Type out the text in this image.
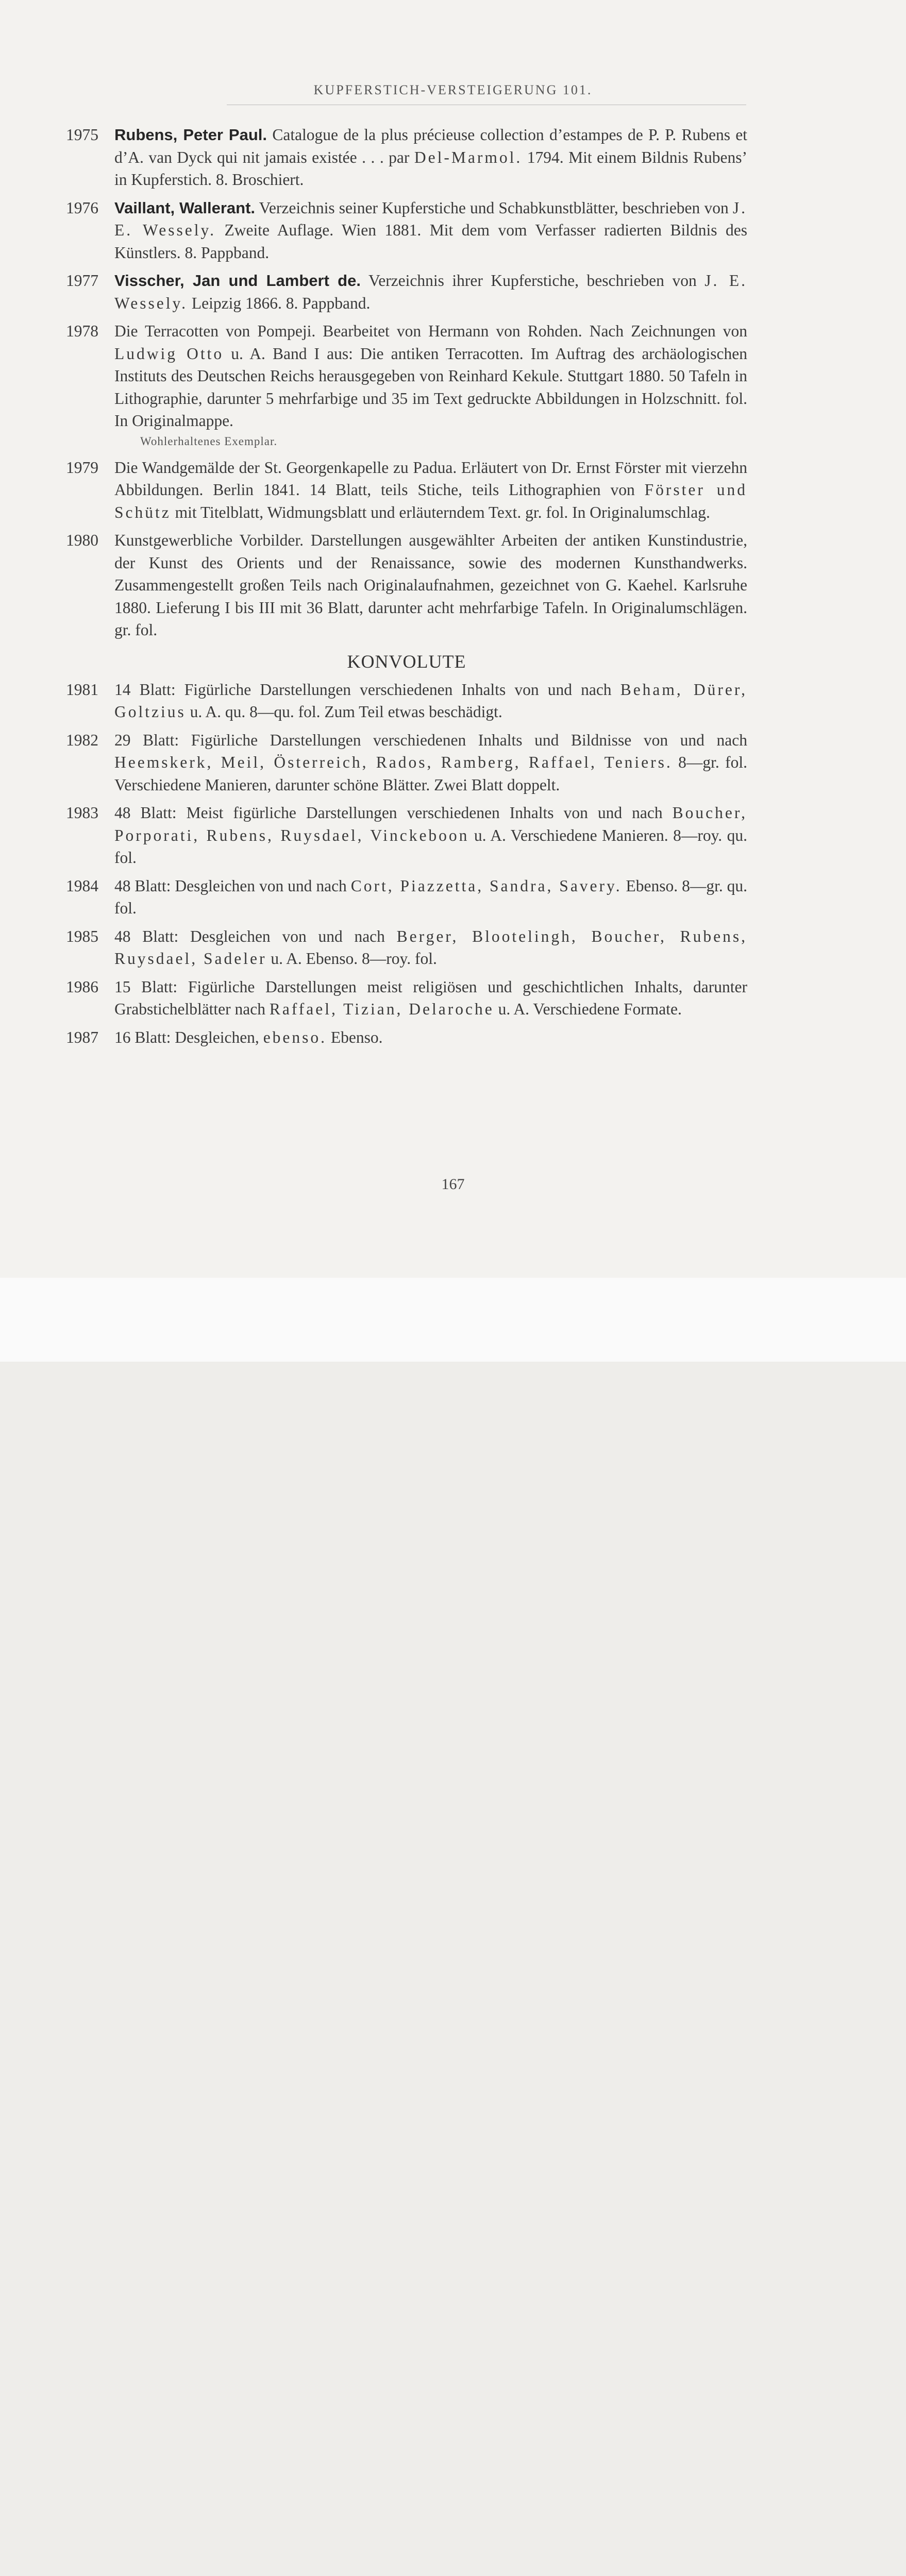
KUPFERSTICH-VERSTEIGERUNG 101.
1975	Rubens, Peter Paul. Catalogue de la plus précieuse collection d’estampes de P. P. Rubens et d’A. van Dyck qui nit jamais existée . . . par Del-Marmol. 1794. Mit einem Bildnis Rubens’ in Kupferstich. 8. Broschiert.
1976	Vaillant, Wallerant. Verzeichnis seiner Kupferstiche und Schabkunstblätter, beschrieben von J. E. Wessely. Zweite Auflage. Wien 1881. Mit dem vom Verfasser radierten Bildnis des Künstlers. 8. Pappband.
1977	Visscher, Jan und Lambert de. Verzeichnis ihrer Kupferstiche, beschrieben von J. E. Wessely. Leipzig 1866. 8. Pappband.
1978 Die Terracotten von Pompeji. Bearbeitet von Hermann von Rohden. Nach Zeichnungen von Ludwig Otto u. A. Band I aus: Die antiken Terracotten. Im Auftrag des archäologischen Instituts des Deutschen Reichs herausgegeben von Reinhard Kekule. Stuttgart 1880. 50 Tafeln in Lithographie, darunter 5 mehrfarbige und 35 im Text gedruckte Abbildungen in Holzschnitt. fol. In Originalmappe.
Wohlerhaltenes Exemplar.
1979 Die Wandgemälde der St. Georgenkapelle zu Padua. Erläutert von Dr. Ernst Förster mit vierzehn Abbildungen. Berlin 1841. 14 Blatt, teils Stiche, teils Lithographien von Förster und Schütz mit Titelblatt, Widmungsblatt und erläuterndem Text. gr. fol. In Originalumschlag.
1980 Kunstgewerbliche Vorbilder. Darstellungen ausgewählter Arbeiten der antiken Kunstindustrie, der Kunst des Orients und der Renaissance, sowie des modernen Kunsthandwerks. Zusammengestellt großen Teils nach Originalaufnahmen, gezeichnet von G. Kaehel. Karlsruhe 1880. Lieferung I bis III mit 36 Blatt, darunter acht mehrfarbige Tafeln. In Originalumschlägen. gr. fol.
KONVOLUTE
1981 14 Blatt: Figürliche Darstellungen verschiedenen Inhalts von und nach Beham, Dürer, Goltzius u. A. qu. 8—qu. fol. Zum Teil etwas beschädigt.
1982 29 Blatt: Figürliche Darstellungen verschiedenen Inhalts und Bildnisse von und nach Heemskerk, Meil, Österreich, Rados, Ramberg, Raffael, Teniers. 8—gr. fol. Verschiedene Manieren, darunter schöne Blätter. Zwei Blatt doppelt.
1983 48 Blatt: Meist figürliche Darstellungen verschiedenen Inhalts von und nach Boucher, Porporati, Rubens, Ruysdael, Vinckeboon u. A. Verschiedene Manieren. 8—roy. qu. fol.
1984 48 Blatt: Desgleichen von und nach Cort, Piazzetta, Sandra, Savery. Ebenso. 8—gr. qu. fol.
1985 48 Blatt: Desgleichen von und nach Berger, Blootelingh, Boucher, Rubens, Ruysdael, Sadeler u. A. Ebenso. 8—roy. fol.
1986 15 Blatt: Figürliche Darstellungen meist religiösen und geschichtlichen Inhalts, darunter Grabstichelblätter nach Raffael, Tizian, Delaroche u. A. Verschiedene Formate.
1987 16 Blatt: Desgleichen, ebenso. Ebenso.
167
